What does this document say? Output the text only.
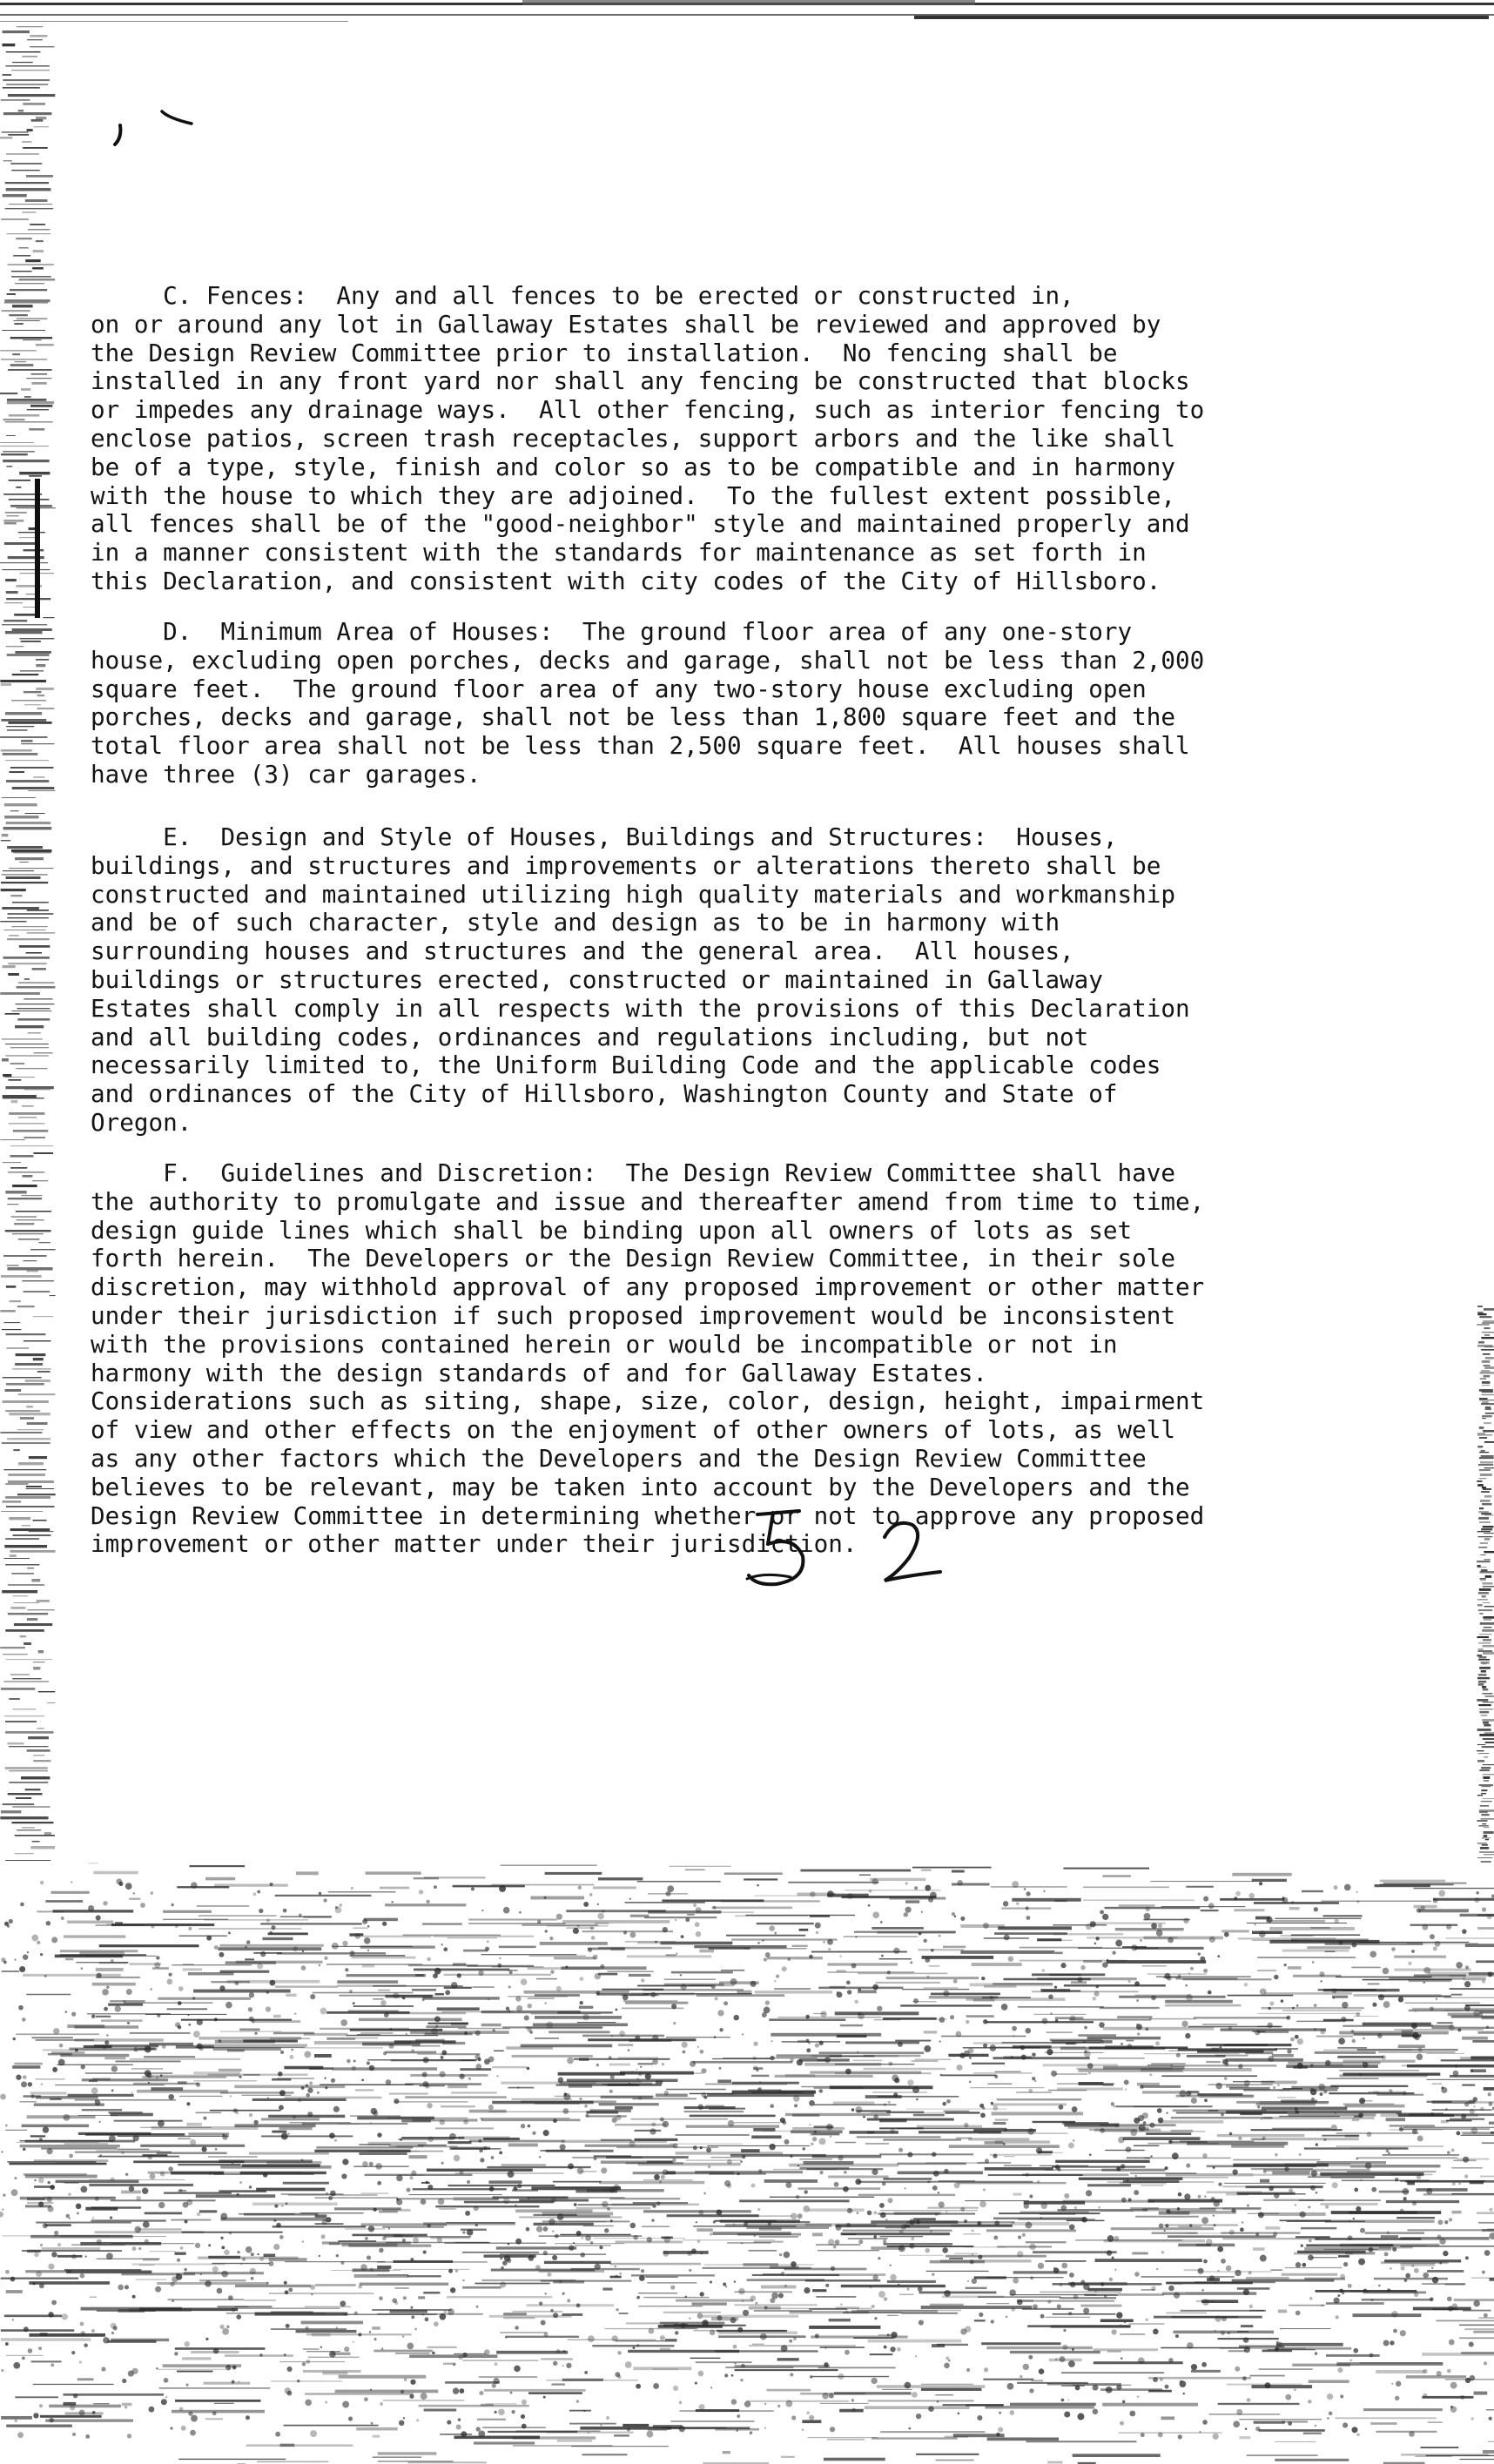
C. Fences:  Any and all fences to be erected or constructed in,
on or around any lot in Gallaway Estates shall be reviewed and approved by
the Design Review Committee prior to installation.  No fencing shall be
installed in any front yard nor shall any fencing be constructed that blocks
or impedes any drainage ways.  All other fencing, such as interior fencing to
enclose patios, screen trash receptacles, support arbors and the like shall
be of a type, style, finish and color so as to be compatible and in harmony
with the house to which they are adjoined.  To the fullest extent possible,
all fences shall be of the "good-neighbor" style and maintained properly and
in a manner consistent with the standards for maintenance as set forth in
this Declaration, and consistent with city codes of the City of Hillsboro.

D.  Minimum Area of Houses:  The ground floor area of any one-story
house, excluding open porches, decks and garage, shall not be less than 2,000
square feet.  The ground floor area of any two-story house excluding open
porches, decks and garage, shall not be less than 1,800 square feet and the
total floor area shall not be less than 2,500 square feet.  All houses shall
have three (3) car garages.

E.  Design and Style of Houses, Buildings and Structures:  Houses,
buildings, and structures and improvements or alterations thereto shall be
constructed and maintained utilizing high quality materials and workmanship
and be of such character, style and design as to be in harmony with
surrounding houses and structures and the general area.  All houses,
buildings or structures erected, constructed or maintained in Gallaway
Estates shall comply in all respects with the provisions of this Declaration
and all building codes, ordinances and regulations including, but not
necessarily limited to, the Uniform Building Code and the applicable codes
and ordinances of the City of Hillsboro, Washington County and State of
Oregon.

F.  Guidelines and Discretion:  The Design Review Committee shall have
the authority to promulgate and issue and thereafter amend from time to time,
design guide lines which shall be binding upon all owners of lots as set
forth herein.  The Developers or the Design Review Committee, in their sole
discretion, may withhold approval of any proposed improvement or other matter
under their jurisdiction if such proposed improvement would be inconsistent
with the provisions contained herein or would be incompatible or not in
harmony with the design standards of and for Gallaway Estates.
Considerations such as siting, shape, size, color, design, height, impairment
of view and other effects on the enjoyment of other owners of lots, as well
as any other factors which the Developers and the Design Review Committee
believes to be relevant, may be taken into account by the Developers and the
Design Review Committee in determining whether or not to approve any proposed
improvement or other matter under their jurisdiction.
